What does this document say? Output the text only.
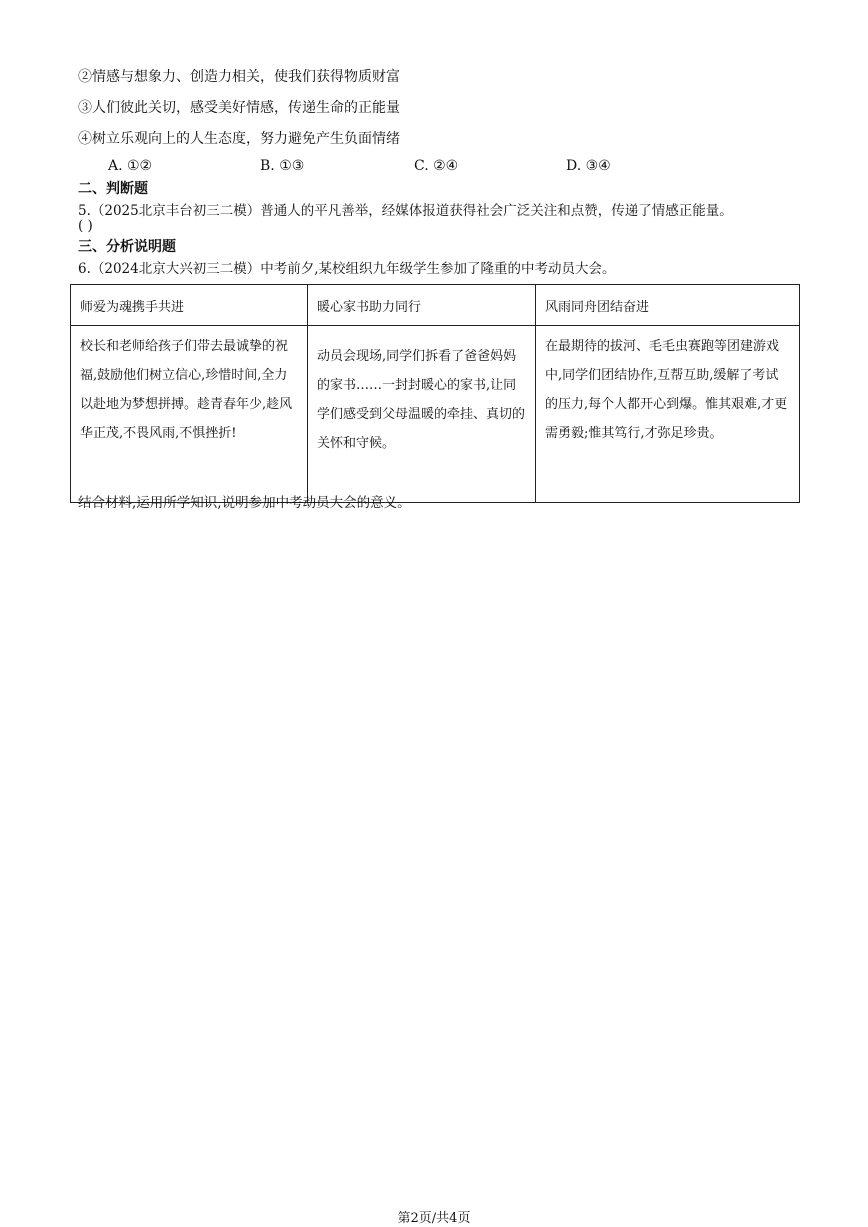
②情感与想象力、创造力相关，使我们获得物质财富
③人们彼此关切，感受美好情感，传递生命的正能量
④树立乐观向上的人生态度，努力避免产生负面情绪
A. ①②	B. ①③	C. ②④	D. ③④
二、判断题
5.（2025北京丰台初三二模）普通人的平凡善举，经媒体报道获得社会广泛关注和点赞，传递了情感正能量。
( )
三、分析说明题
6.（2024北京大兴初三二模）中考前夕,某校组织九年级学生参加了隆重的中考动员大会。
师爱为魂携手共进	暖心家书助力同行	风雨同舟团结奋进

校长和老师给孩子们带去最诚挚的祝福,鼓励他们树立信心,珍惜时间,全力以赴地为梦想拼搏。趁青春年少,趁风华正茂,不畏风雨,不惧挫折!	动员会现场,同学们拆看了爸爸妈妈的家书……一封封暖心的家书,让同学们感受到父母温暖的牵挂、真切的关怀和守候。	在最期待的拔河、毛毛虫赛跑等团建游戏中,同学们团结协作,互帮互助,缓解了考试的压力,每个人都开心到爆。惟其艰难,才更需勇毅;惟其笃行,才弥足珍贵。
结合材料,运用所学知识,说明参加中考动员大会的意义。
第2页/共4页
